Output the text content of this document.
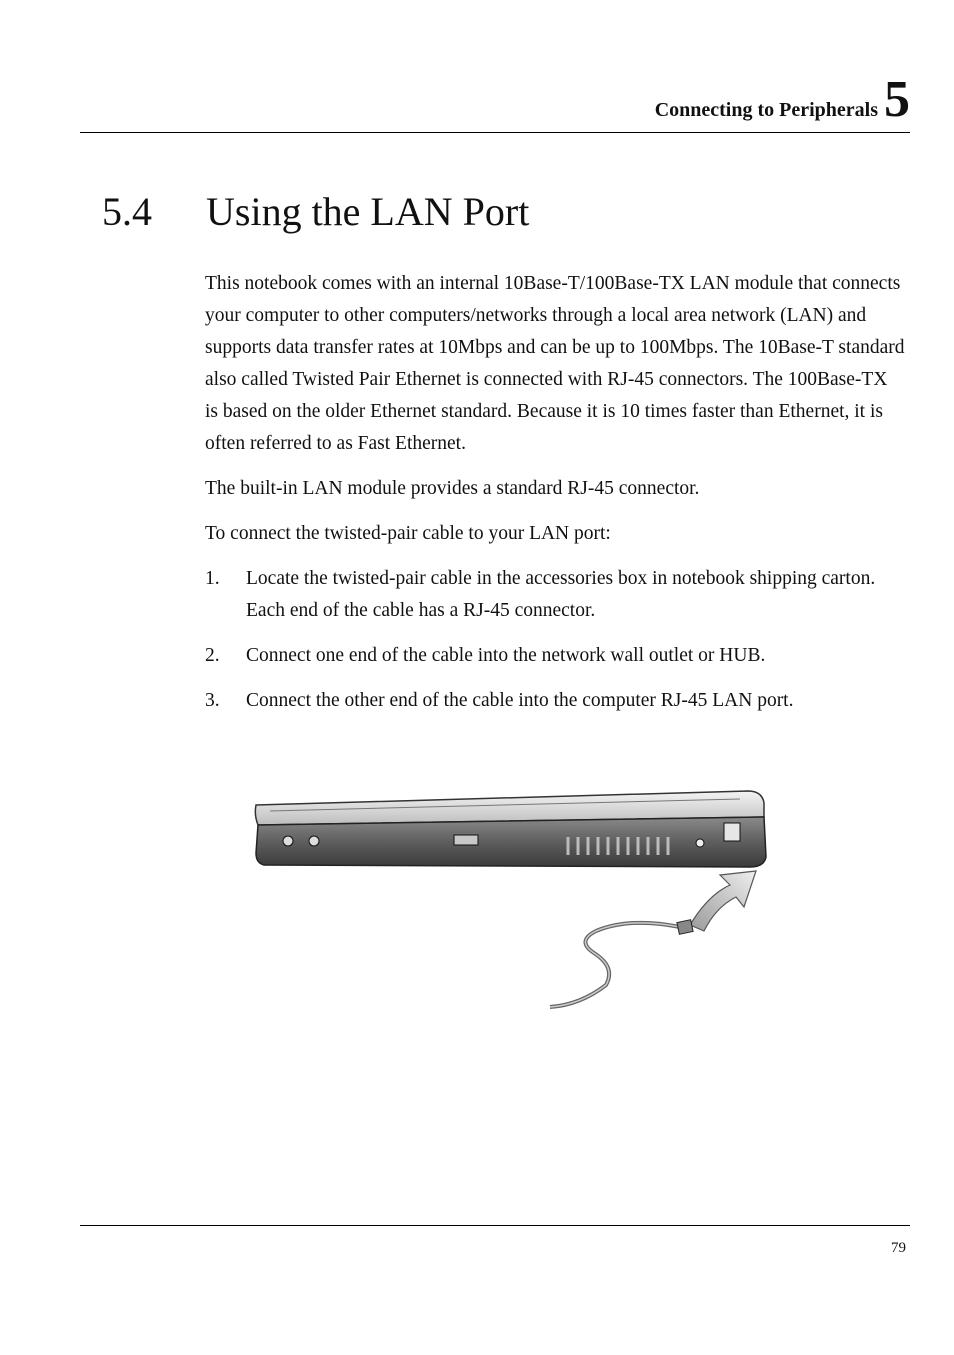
Connecting to Peripherals 5
5.4	Using the LAN Port

This notebook comes with an internal 10Base-T/100Base-TX LAN module that connects your computer to other computers/networks through a local area network (LAN) and supports data transfer rates at 10Mbps and can be up to 100Mbps. The 10Base-T standard also called Twisted Pair Ethernet is connected with RJ-45 connectors. The 100Base-TX is based on the older Ethernet standard. Because it is 10 times faster than Ethernet, it is often referred to as Fast Ethernet.

The built-in LAN module provides a standard RJ-45 connector.

To connect the twisted-pair cable to your LAN port:

1.	Locate the twisted-pair cable in the accessories box in notebook shipping carton. Each end of the cable has a RJ-45 connector.
2.	Connect one end of the cable into the network wall outlet or HUB.
3.	Connect the other end of the cable into the computer RJ-45 LAN port.
79
